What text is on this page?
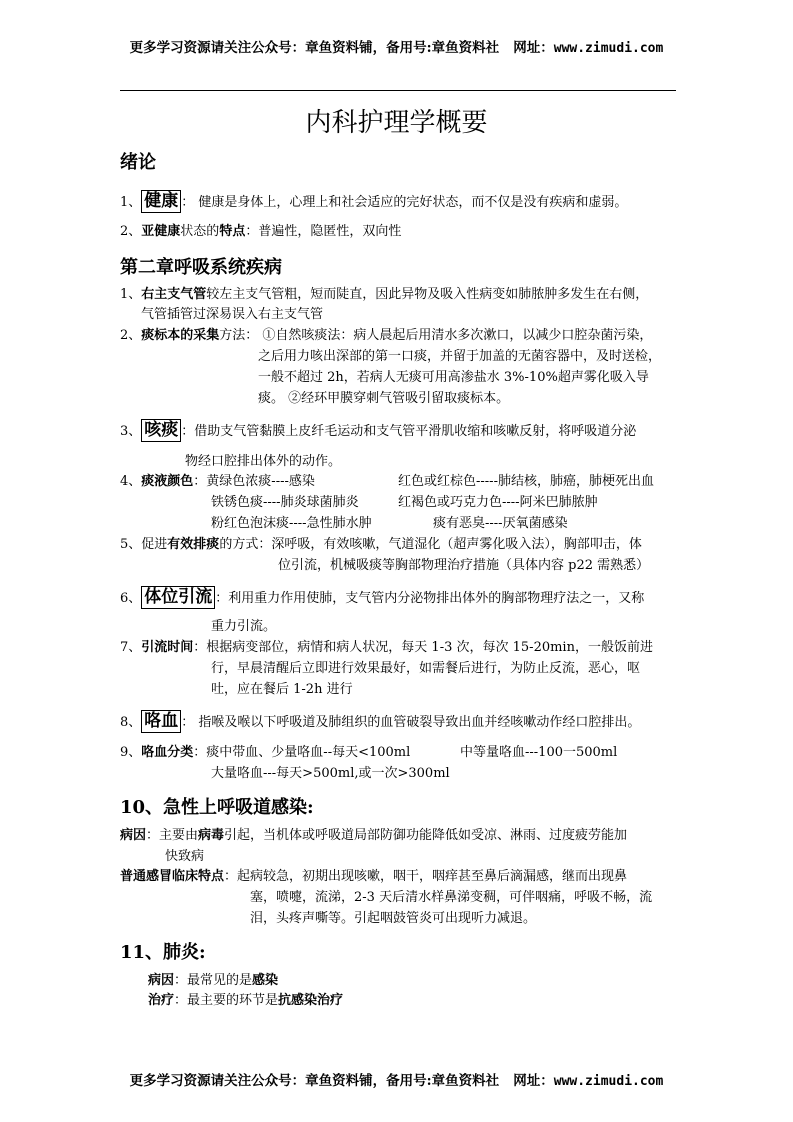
更多学习资源请关注公众号：章鱼资料铺，备用号:章鱼资料社 网址：www.zimudi.com
内科护理学概要
绪论
1、 健康 ： 健康是身体上，心理上和社会适应的完好状态，而不仅是没有疾病和虚弱。
2、亚健康状态的特点：普遍性，隐匿性，双向性
第二章呼吸系统疾病
1、右主支气管较左主支气管粗，短而陡直，因此异物及吸入性病变如肺脓肿多发生在右侧，
气管插管过深易误入右主支气管
2、痰标本的采集方法： ①自然咳痰法：病人晨起后用清水多次漱口，以减少口腔杂菌污染，
之后用力咳出深部的第一口痰，并留于加盖的无菌容器中，及时送检，
一般不超过 2h，若病人无痰可用高渗盐水 3%-10%超声雾化吸入导
痰。 ②经环甲膜穿刺气管吸引留取痰标本。
3、 咳痰 ：借助支气管黏膜上皮纤毛运动和支气管平滑肌收缩和咳嗽反射，将呼吸道分泌
物经口腔排出体外的动作。
4、痰液颜色：黄绿色浓痰----感染	红色或红棕色-----肺结核，肺癌，肺梗死出血
铁锈色痰----肺炎球菌肺炎	红褐色或巧克力色----阿米巴肺脓肿
粉红色泡沫痰----急性肺水肿	痰有恶臭----厌氧菌感染
5、促进有效排痰的方式：深呼吸，有效咳嗽，气道湿化（超声雾化吸入法），胸部叩击，体
位引流，机械吸痰等胸部物理治疗措施（具体内容 p22 需熟悉）
6、 体位引流 ：利用重力作用使肺，支气管内分泌物排出体外的胸部物理疗法之一，又称
重力引流。
7、引流时间：根据病变部位，病情和病人状况，每天 1-3 次，每次 15-20min，一般饭前进
行，早晨清醒后立即进行效果最好，如需餐后进行，为防止反流，恶心，呕
吐，应在餐后 1-2h 进行
8、 咯血 ： 指喉及喉以下呼吸道及肺组织的血管破裂导致出血并经咳嗽动作经口腔排出。
9、咯血分类：痰中带血、少量咯血--每天<100ml	中等量咯血---100一500ml
大量咯血---每天>500ml,或一次>300ml
10、急性上呼吸道感染:
病因：主要由病毒引起，当机体或呼吸道局部防御功能降低如受凉、淋雨、过度疲劳能加
快致病
普通感冒临床特点：起病较急，初期出现咳嗽，咽干，咽痒甚至鼻后滴漏感，继而出现鼻
塞，喷嚏，流涕，2-3 天后清水样鼻涕变稠，可伴咽痛，呼吸不畅，流
泪，头疼声嘶等。引起咽鼓管炎可出现听力减退。
11、肺炎:
病因：最常见的是感染
治疗：最主要的环节是抗感染治疗
更多学习资源请关注公众号：章鱼资料铺，备用号:章鱼资料社 网址：www.zimudi.com
